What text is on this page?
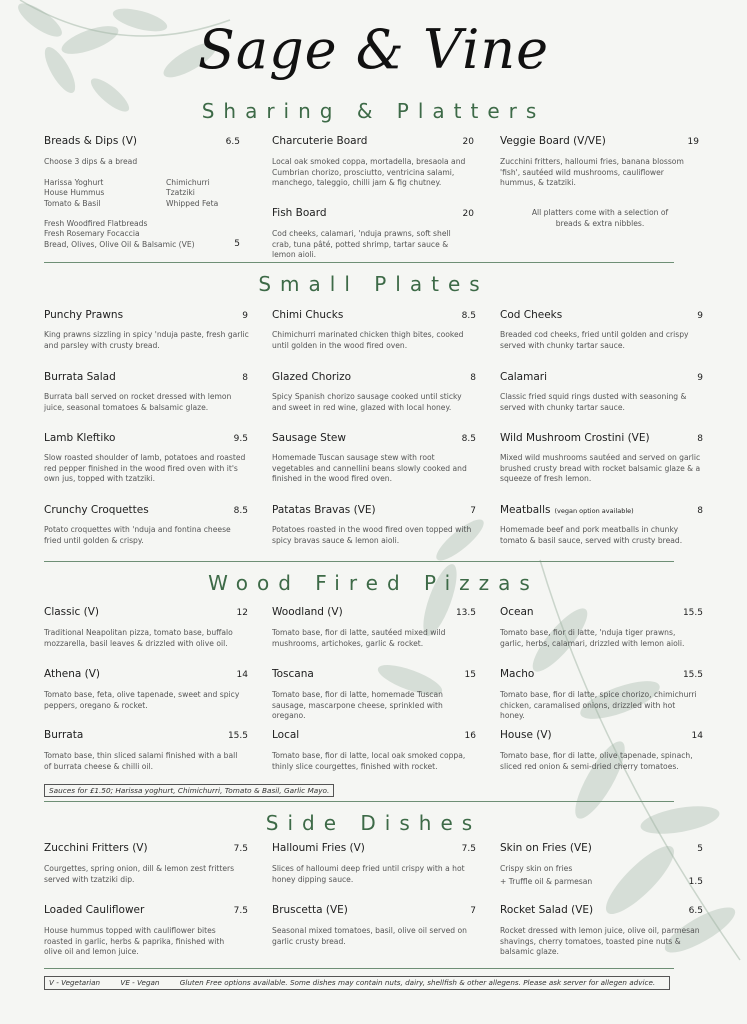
Sage & Vine
Sharing & Platters
Breads & Dips (V)	6.5
Choose 3 dips & a bread
Harissa Yoghurt
House Hummus
Tomato & Basil
Chimichurri
Tzatziki
Whipped Feta
Fresh Woodfired Flatbreads
Fresh Rosemary Focaccia
Bread, Olives, Olive Oil & Balsamic (VE)	5
Charcuterie Board	20
Local oak smoked coppa, mortadella, bresaola and Cumbrian chorizo, prosciutto, ventricina salami, manchego, taleggio, chilli jam & fig chutney.
Fish Board	20
Cod cheeks, calamari, 'nduja prawns, soft shell crab, tuna pâté, potted shrimp, tartar sauce & lemon aioli.
Veggie Board (V/VE)	19
Zucchini fritters, halloumi fries, banana blossom 'fish', sautéed wild mushrooms, cauliflower hummus, & tzatziki.
All platters come with a selection of breads & extra nibbles.
Small Plates
Punchy Prawns	9
King prawns sizzling in spicy 'nduja paste, fresh garlic and parsley with crusty bread.
Chimi Chucks	8.5
Chimichurri marinated chicken thigh bites, cooked until golden in the wood fired oven.
Cod Cheeks	9
Breaded cod cheeks, fried until golden and crispy served with chunky tartar sauce.
Burrata Salad	8
Burrata ball served on rocket dressed with lemon juice, seasonal tomatoes & balsamic glaze.
Glazed Chorizo	8
Spicy Spanish chorizo sausage cooked until sticky and sweet in red wine, glazed with local honey.
Calamari	9
Classic fried squid rings dusted with seasoning & served with chunky tartar sauce.
Lamb Kleftiko	9.5
Slow roasted shoulder of lamb, potatoes and roasted red pepper finished in the wood fired oven with it's own jus, topped with tzatziki.
Sausage Stew	8.5
Homemade Tuscan sausage stew with root vegetables and cannellini beans slowly cooked and finished in the wood fired oven.
Wild Mushroom Crostini (VE)	8
Mixed wild mushrooms sautéed and served on garlic brushed crusty bread with rocket balsamic glaze & a squeeze of fresh lemon.
Crunchy Croquettes	8.5
Potato croquettes with 'nduja and fontina cheese fried until golden & crispy.
Patatas Bravas (VE)	7
Potatoes roasted in the wood fired oven topped with spicy bravas sauce & lemon aioli.
Meatballs (vegan option available)	8
Homemade beef and pork meatballs in chunky tomato & basil sauce, served with crusty bread.
Wood Fired Pizzas
Classic (V)	12
Traditional Neapolitan pizza, tomato base, buffalo mozzarella, basil leaves & drizzled with olive oil.
Woodland (V)	13.5
Tomato base, fior di latte, sautéed mixed wild mushrooms, artichokes, garlic & rocket.
Ocean	15.5
Tomato base, fior di latte, 'nduja tiger prawns, garlic, herbs, calamari, drizzled with lemon aioli.
Athena (V)	14
Tomato base, feta, olive tapenade, sweet and spicy peppers, oregano & rocket.
Toscana	15
Tomato base, fior di latte, homemade Tuscan sausage, mascarpone cheese, sprinkled with oregano.
Macho	15.5
Tomato base, fior di latte, spice chorizo, chimichurri chicken, caramalised onions, drizzled with hot honey.
Burrata	15.5
Tomato base, thin sliced salami finished with a ball of burrata cheese & chilli oil.
Local	16
Tomato base, fior di latte, local oak smoked coppa, thinly slice courgettes, finished with rocket.
House (V)	14
Tomato base, fior di latte, olive tapenade, spinach, sliced red onion & semi-dried cherry tomatoes.
Sauces for £1.50; Harissa yoghurt, Chimichurri, Tomato & Basil, Garlic Mayo.
Side Dishes
Zucchini Fritters (V)	7.5
Courgettes, spring onion, dill & lemon zest fritters served with tzatziki dip.
Halloumi Fries (V)	7.5
Slices of halloumi deep fried until crispy with a hot honey dipping sauce.
Skin on Fries (VE)	5
Crispy skin on fries
Loaded Cauliflower	7.5
House hummus topped with cauliflower bites roasted in garlic, herbs & paprika, finished with olive oil and lemon juice.
Bruscetta (VE)	7
Seasonal mixed tomatoes, basil, olive oil served on garlic crusty bread.
Rocket Salad (VE)	6.5
Rocket dressed with lemon juice, olive oil, parmesan shavings, cherry tomatoes, toasted pine nuts & balsamic glaze.
+ Truffle oil & parmesan	1.5
V - Vegetarian	VE - Vegan	Gluten Free options available. Some dishes may contain nuts, dairy, shellfish & other allegens. Please ask server for allegen advice.
